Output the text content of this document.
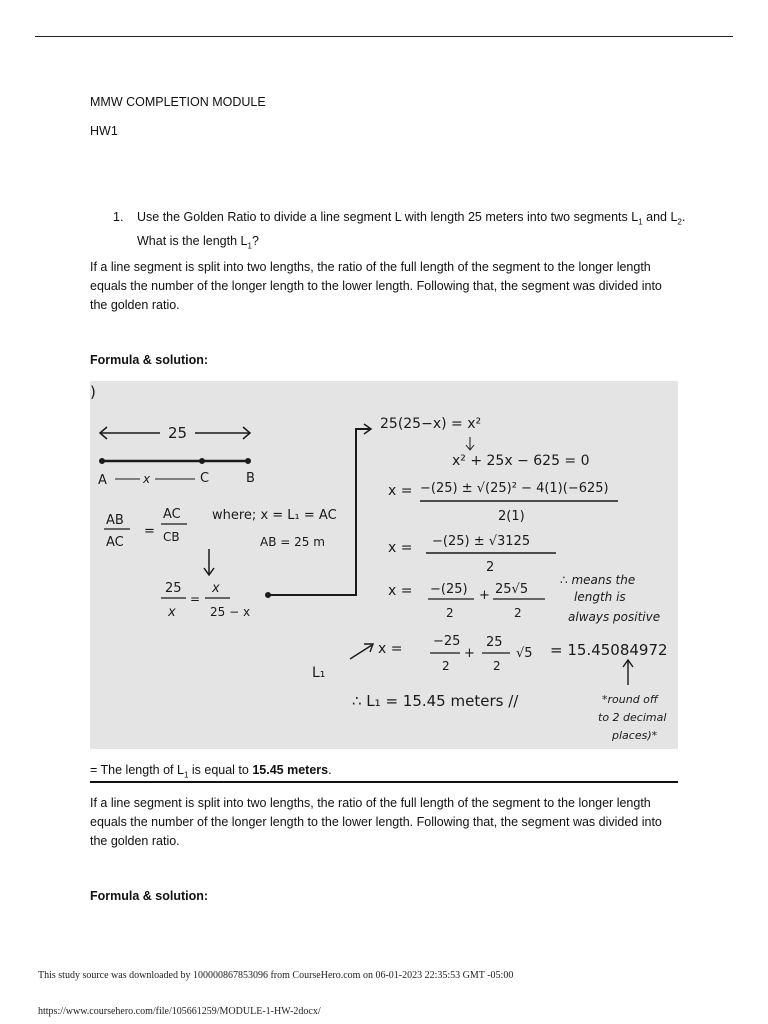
MMW COMPLETION MODULE

HW1

1. Use the Golden Ratio to divide a line segment L with length 25 meters into two segments $L_1$ and $L_2$. What is the length $L_1$?

If a line segment is split into two lengths, the ratio of the full length of the segment to the longer length equals the number of the longer length to the lower length. Following that, the segment was divided into the golden ratio.

Formula & solution:

)
25
A	x	C	B
AB
AC
=
AC
CB
where; x = L₁ = AC
AB = 25 m
25
x
=
x
25 − x
25(25−x) = x²
x² + 25x − 625 = 0
x = −(25) ± √(25)² − 4(1)(−625)
2(1)
x = −(25) ± √3125
2
x = −(25)
2
+ 25√5
2
∴ means the
length is
always positive
L₁
x = −25
2
+
25
2
√5 = 15.45084972
∴ L₁ = 15.45 meters //	*round off
to 2 decimal
places)*
= The length of $L_1$ is equal to 15.45 meters.

If a line segment is split into two lengths, the ratio of the full length of the segment to the longer length equals the number of the longer length to the lower length. Following that, the segment was divided into the golden ratio.

Formula & solution:

This study source was downloaded by 100000867853096 from CourseHero.com on 06-01-2023 22:35:53 GMT -05:00
https://www.coursehero.com/file/105661259/MODULE-1-HW-2docx/
